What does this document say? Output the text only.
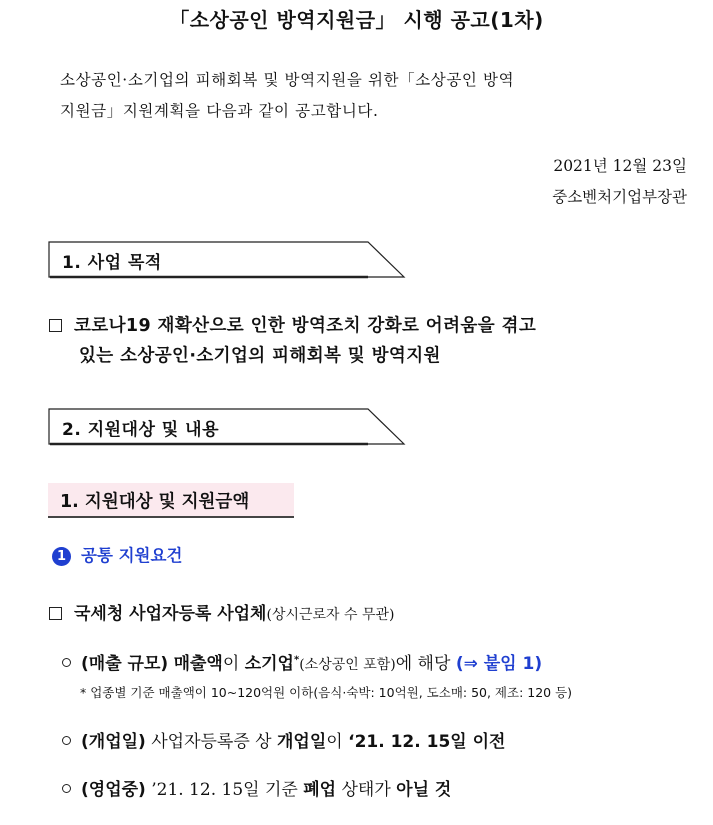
「소상공인 방역지원금」 시행 공고(1차)
소상공인·소기업의 피해회복 및 방역지원을 위한「소상공인 방역
지원금」지원계획을 다음과 같이 공고합니다.
2021년 12월 23일
중소벤처기업부장관
1. 사업 목적
코로나19 재확산으로 인한 방역조치 강화로 어려움을 겪고
있는 소상공인·소기업의 피해회복 및 방역지원
2. 지원대상 및 내용
1. 지원대상 및 지원금액
1 공통 지원요건
국세청 사업자등록 사업체(상시근로자 수 무관)
(매출 규모) 매출액이 소기업*(소상공인 포함)에 해당 (⇒ 붙임 1)
* 업종별 기준 매출액이 10~120억원 이하(음식·숙박: 10억원, 도소매: 50, 제조: 120 등)
(개업일) 사업자등록증 상 개업일이 ‘21. 12. 15일 이전
(영업중) ’21. 12. 15일 기준 폐업 상태가 아닐 것
